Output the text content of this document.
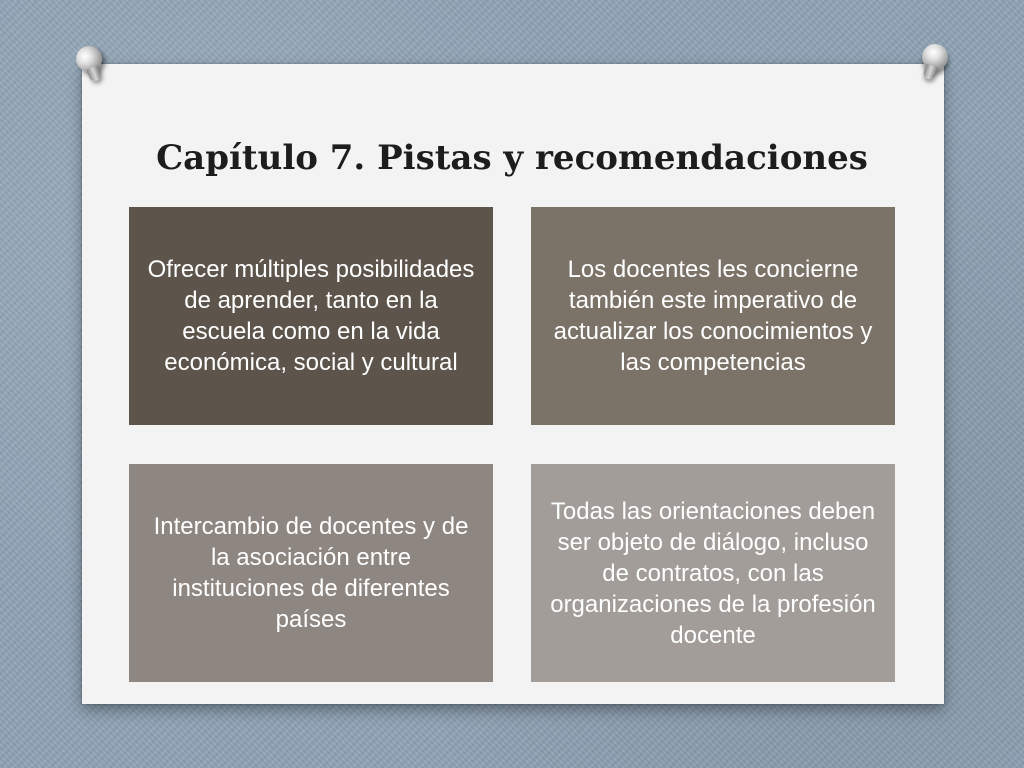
Capítulo 7. Pistas y recomendaciones
Ofrecer múltiples posibilidades de aprender, tanto en la escuela como en la vida económica, social y cultural
Los docentes les concierne también este imperativo de actualizar los conocimientos y las competencias
Intercambio de docentes y de la asociación entre instituciones de diferentes países
Todas las orientaciones deben ser objeto de diálogo, incluso de contratos, con las organizaciones de la profesión docente
